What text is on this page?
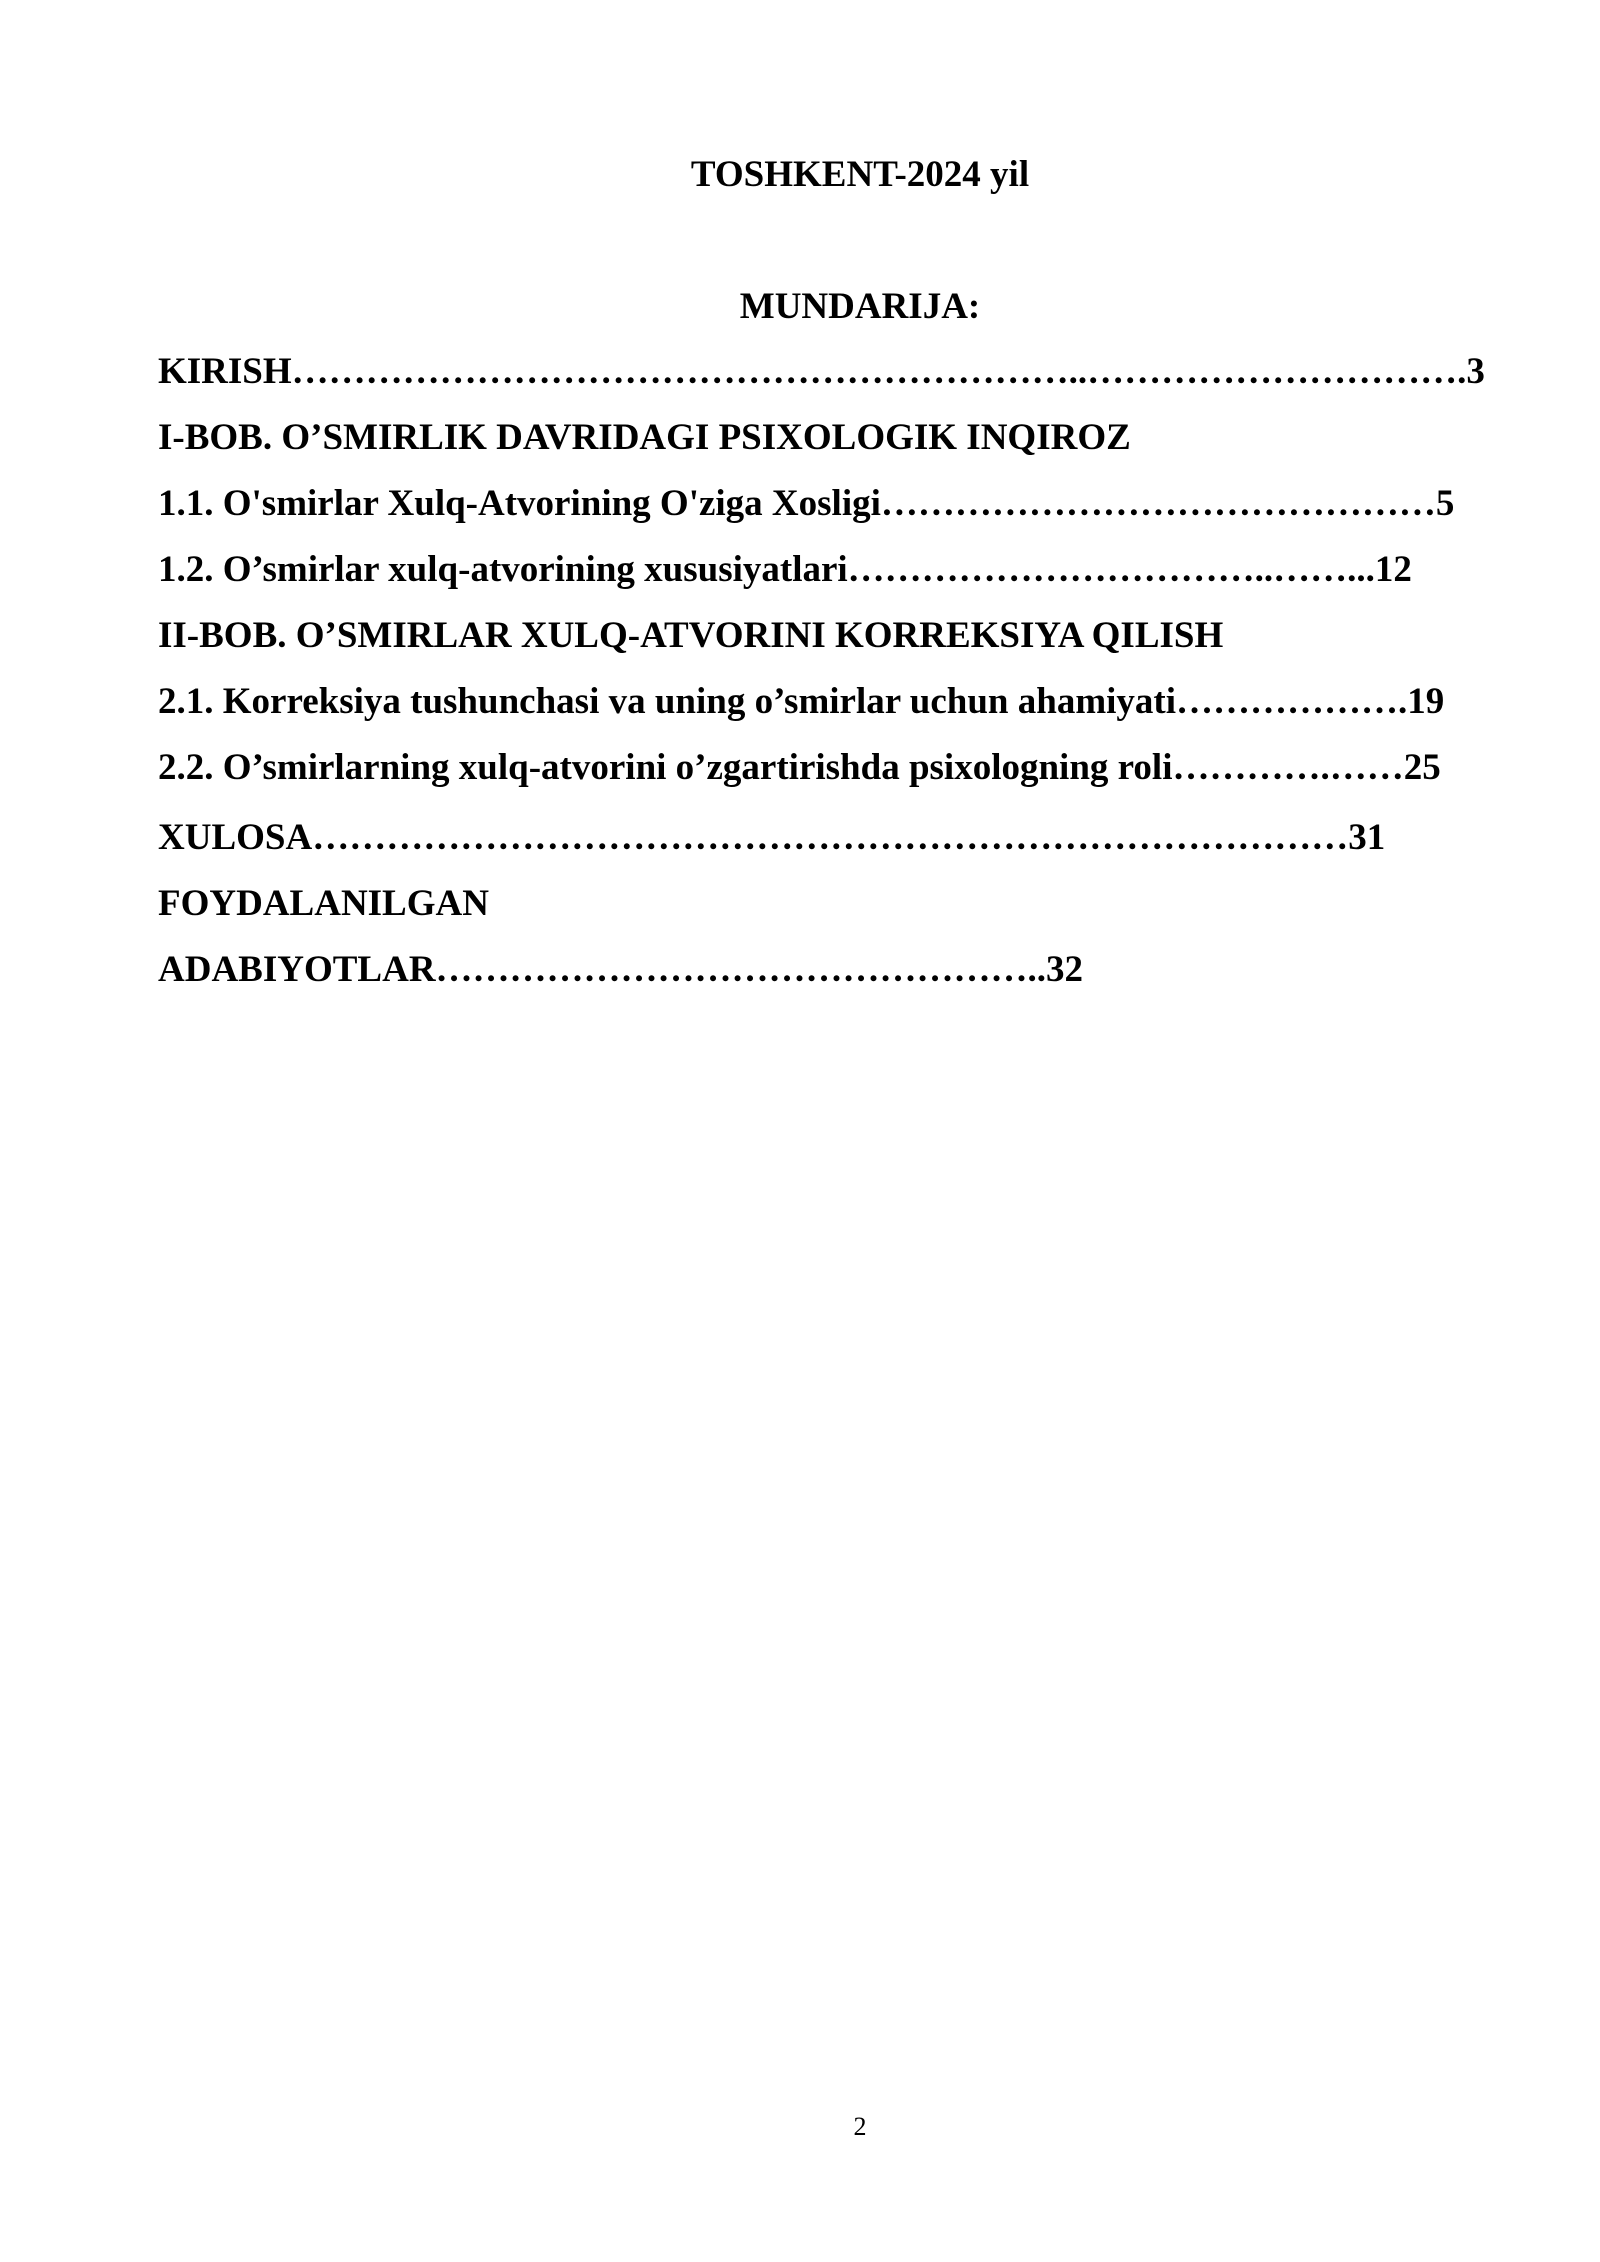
TOSHKENT-2024 yil
MUNDARIJA:
KIRISH………………………………………………………..………………………….3
I-BOB. O’SMIRLIK DAVRIDAGI PSIXOLOGIK INQIROZ
1.1. O'smirlar Xulq-Atvorining O'ziga Xosligi………………………………………5
1.2. O’smirlar xulq-atvorining xususiyatlari……………………………..……...12
II-BOB. O’SMIRLAR XULQ-ATVORINI KORREKSIYA QILISH
2.1. Korreksiya tushunchasi va uning o’smirlar uchun ahamiyati……………….19
2.2. O’smirlarning xulq-atvorini o’zgartirishda psixologning roli………….……25
XULOSA…………………………………………………………………………31
FOYDALANILGAN
ADABIYOTLAR…………………………………………..32
2
